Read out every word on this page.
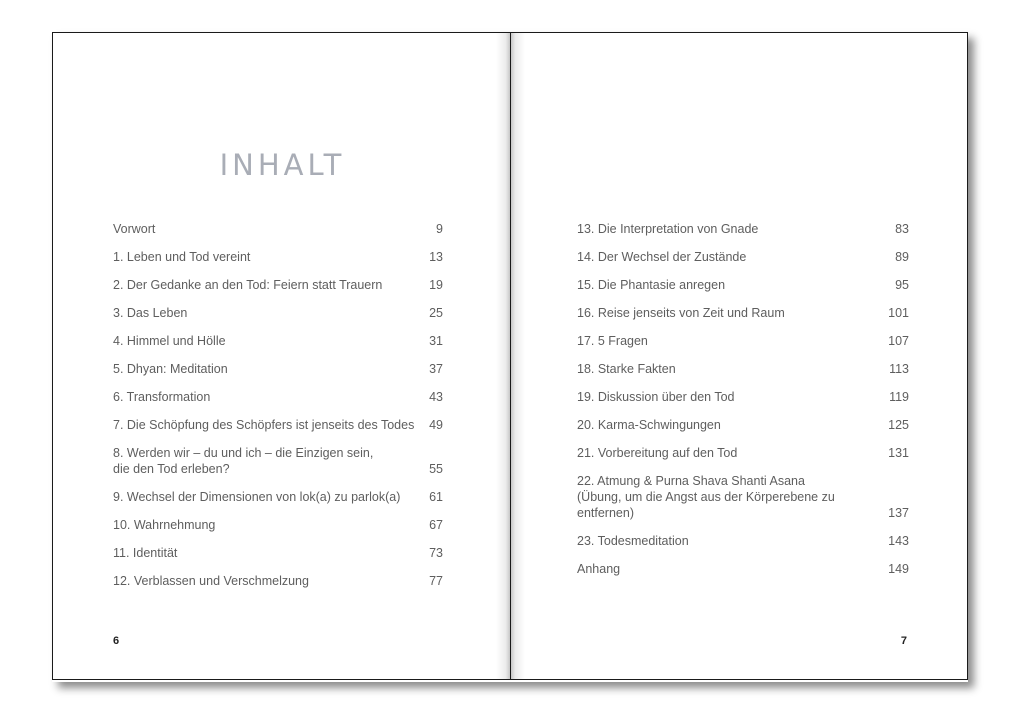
INHALT
Vorwort	9
1. Leben und Tod vereint	13
2. Der Gedanke an den Tod: Feiern statt Trauern	19
3. Das Leben	25
4. Himmel und Hölle	31
5. Dhyan: Meditation	37
6. Transformation	43
7. Die Schöpfung des Schöpfers ist jenseits des Todes	49
8. Werden wir – du und ich – die Einzigen sein,
die den Tod erleben?	55
9. Wechsel der Dimensionen von lok(a) zu parlok(a)	61
10. Wahrnehmung	67
11. Identität	73
12. Verblassen und Verschmelzung	77
6
13. Die Interpretation von Gnade	83
14. Der Wechsel der Zustände	89
15. Die Phantasie anregen	95
16. Reise jenseits von Zeit und Raum	101
17. 5 Fragen	107
18. Starke Fakten	113
19. Diskussion über den Tod	119
20. Karma-Schwingungen	125
21. Vorbereitung auf den Tod	131
22. Atmung & Purna Shava Shanti Asana
(Übung, um die Angst aus der Körperebene zu entfernen)	137
23. Todesmeditation	143
Anhang	149
7
